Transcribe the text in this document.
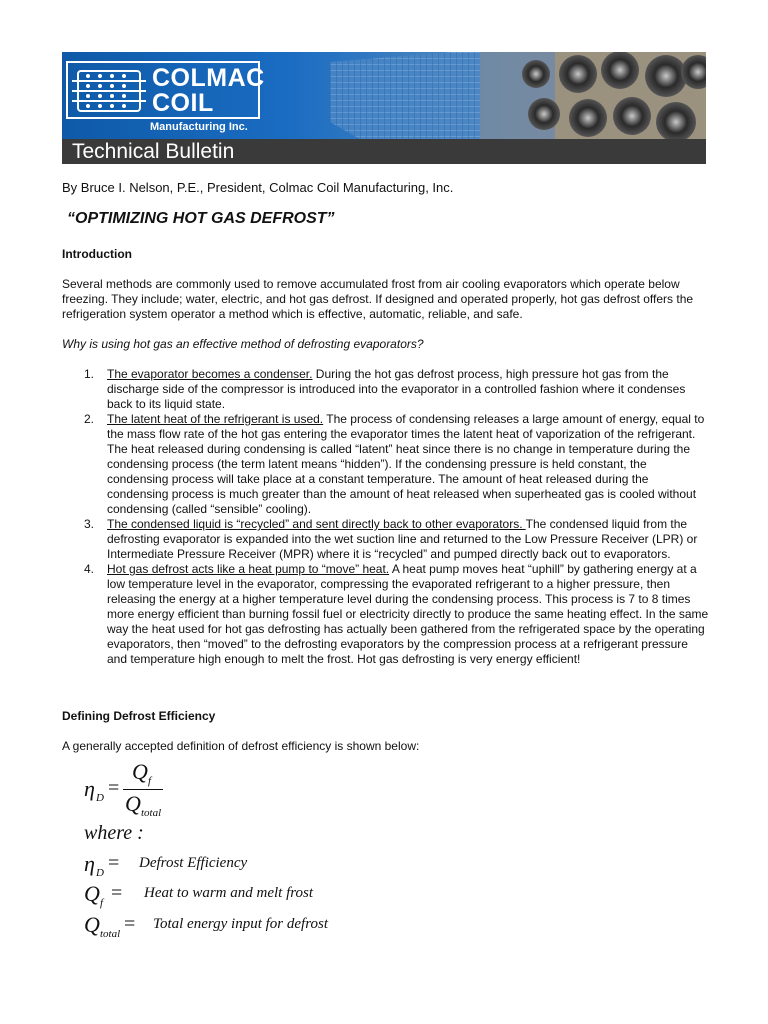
COLMAC
COIL
Manufacturing Inc.
Technical Bulletin
By Bruce I. Nelson, P.E., President, Colmac Coil Manufacturing, Inc.
“OPTIMIZING HOT GAS DEFROST”
Introduction

Several methods are commonly used to remove accumulated frost from air cooling evaporators which operate below freezing. They include; water, electric, and hot gas defrost. If designed and operated properly, hot gas defrost offers the refrigeration system operator a method which is effective, automatic, reliable, and safe.

Why is using hot gas an effective method of defrosting evaporators?
1. The evaporator becomes a condenser. During the hot gas defrost process, high pressure hot gas from the discharge side of the compressor is introduced into the evaporator in a controlled fashion where it condenses back to its liquid state.
2. The latent heat of the refrigerant is used. The process of condensing releases a large amount of energy, equal to the mass flow rate of the hot gas entering the evaporator times the latent heat of vaporization of the refrigerant. The heat released during condensing is called “latent” heat since there is no change in temperature during the condensing process (the term latent means “hidden”). If the condensing pressure is held constant, the condensing process will take place at a constant temperature. The amount of heat released during the condensing process is much greater than the amount of heat released when superheated gas is cooled without condensing (called “sensible” cooling).
3. The condensed liquid is “recycled” and sent directly back to other evaporators. The condensed liquid from the defrosting evaporator is expanded into the wet suction line and returned to the Low Pressure Receiver (LPR) or Intermediate Pressure Receiver (MPR) where it is “recycled” and pumped directly back out to evaporators.
4. Hot gas defrost acts like a heat pump to “move” heat. A heat pump moves heat “uphill” by gathering energy at a low temperature level in the evaporator, compressing the evaporated refrigerant to a higher pressure, then releasing the energy at a higher temperature level during the condensing process. This process is 7 to 8 times more energy efficient than burning fossil fuel or electricity directly to produce the same heating effect. In the same way the heat used for hot gas defrosting has actually been gathered from the refrigerated space by the operating evaporators, then “moved” to the defrosting evaporators by the compression process at a refrigerant pressure and temperature high enough to melt the frost. Hot gas defrosting is very energy efficient!
Defining Defrost Efficiency
A generally accepted definition of defrost efficiency is shown below:
η D =
Q f
Q total
where :
η D = Defrost Efficiency
Q f = Heat to warm and melt frost
Q total = Total energy input for defrost
